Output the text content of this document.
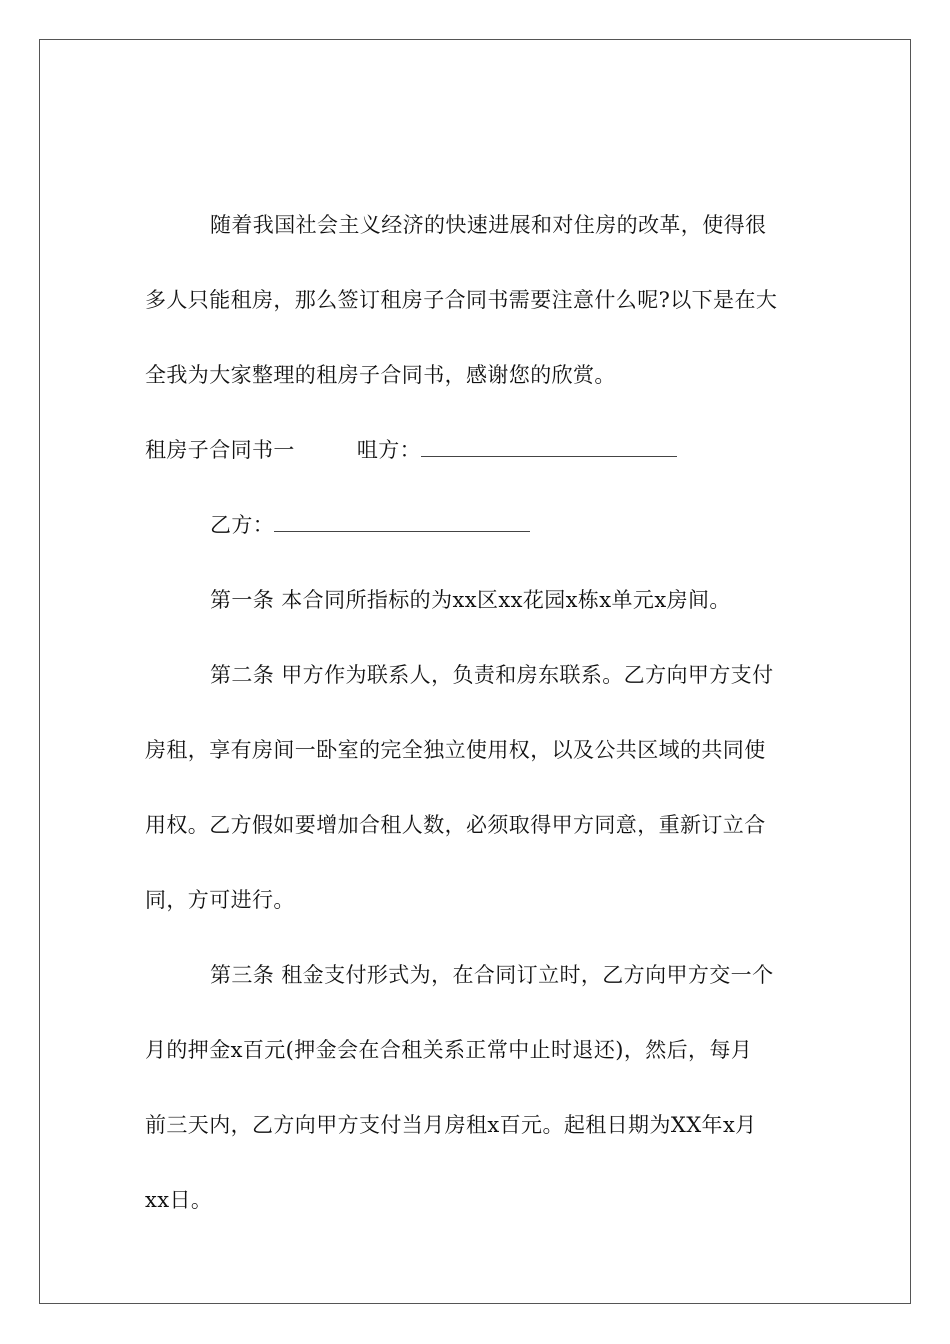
随着我国社会主义经济的快速进展和对住房的改革，使得很
多人只能租房，那么签订租房子合同书需要注意什么呢?以下是在大
全我为大家整理的租房子合同书，感谢您的欣赏。
租房子合同书一	咀方：
乙方：
第一条 本合同所指标的为xx区xx花园x栋x单元x房间。
第二条 甲方作为联系人，负责和房东联系。乙方向甲方支付
房租，享有房间一卧室的完全独立使用权，以及公共区域的共同使
用权。乙方假如要增加合租人数，必须取得甲方同意，重新订立合
同，方可进行。
第三条 租金支付形式为，在合同订立时，乙方向甲方交一个
月的押金x百元(押金会在合租关系正常中止时退还)，然后，每月
前三天内，乙方向甲方支付当月房租x百元。起租日期为XX年x月
xx日。
